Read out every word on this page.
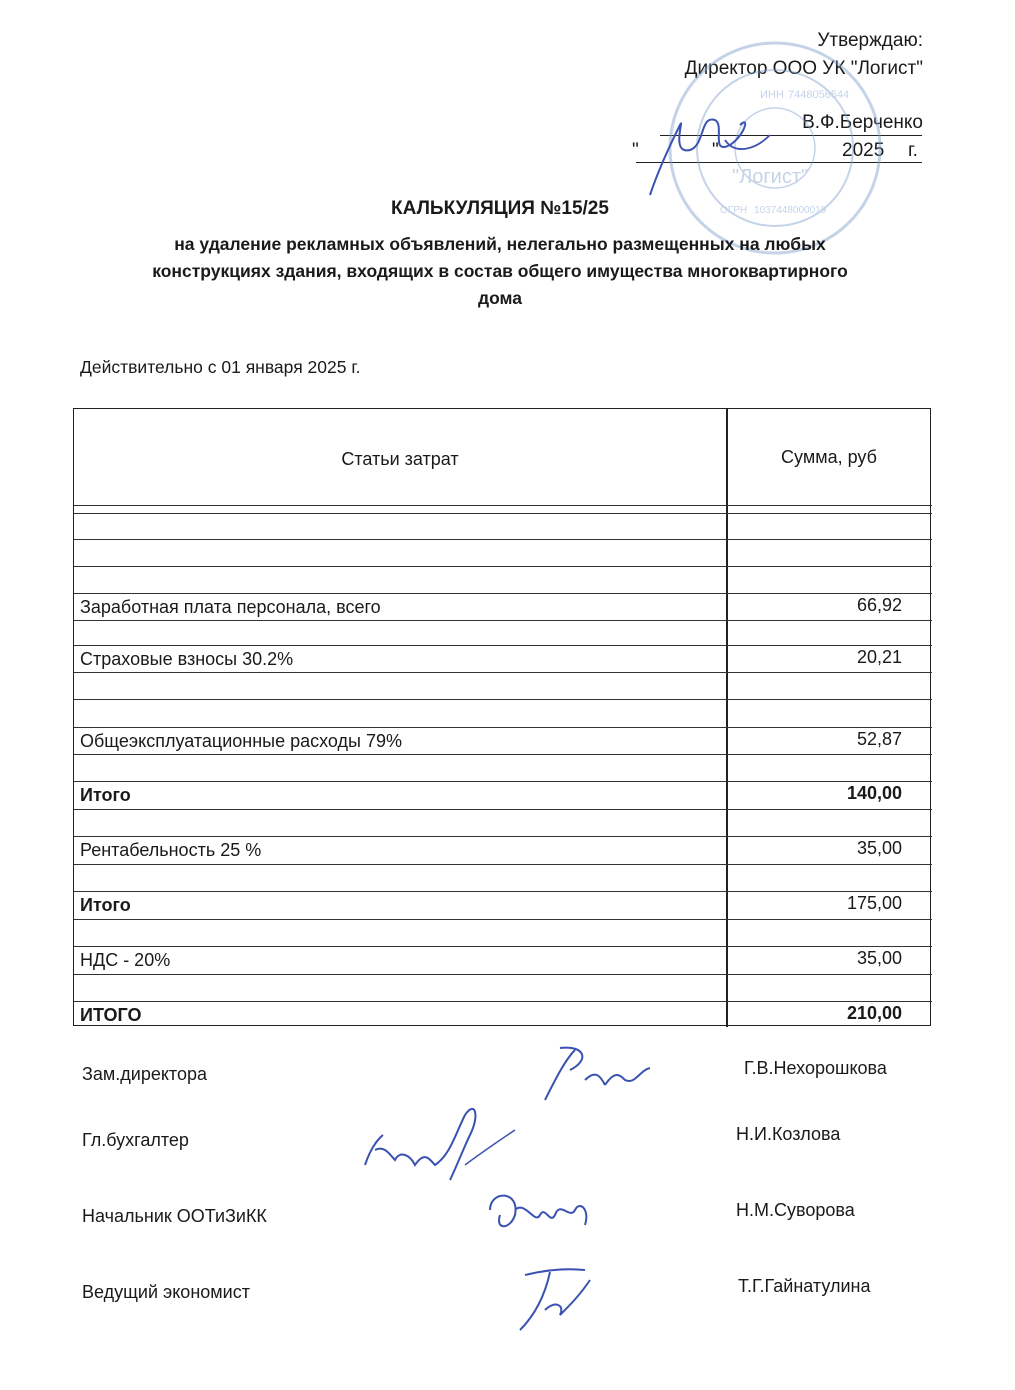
Утверждаю:
Директор ООО УК "Логист"
В.Ф.Берченко
"	"	2025 г.
ИНН 7448056544
"Логист"
ОГРН 1037448000019
КАЛЬКУЛЯЦИЯ №15/25
на удаление рекламных объявлений, нелегально размещенных на любых
конструкциях здания, входящих в состав общего имущества многоквартирного
дома
Действительно с 01 января 2025 г.
Статьи затрат	Сумма, руб
Заработная плата персонала, всего	66,92
Страховые взносы 30.2%	20,21
Общеэксплуатационные расходы 79%	52,87
Итого	140,00
Рентабельность 25 %	35,00
Итого	175,00
НДС - 20%	35,00
ИТОГО	210,00
Зам.директора	Г.В.Нехорошкова
Гл.бухгалтер	Н.И.Козлова
Начальник ООТиЗиКК	Н.М.Суворова
Ведущий экономист	Т.Г.Гайнатулина
